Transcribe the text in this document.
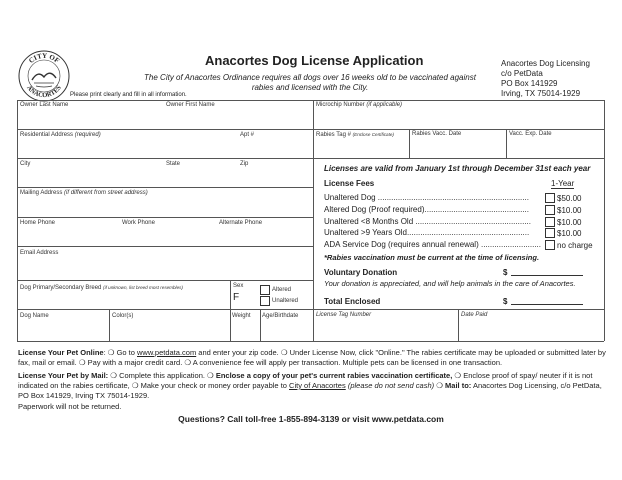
CITY OF
ANACORTES
Anacortes Dog License Application
The City of Anacortes Ordinance requires all dogs over 16 weeks old to be vaccinated against rabies and licensed with the City.
Anacortes Dog Licensing
c/o PetData
PO Box 141929
Irving, TX 75014-1929
Please print clearly and fill in all information.
Owner Last Name	Owner First Name
Residential Address (required)	Apt #
City	State	Zip
Mailing Address (if different from street address)
Home Phone	Work Phone	Alternate Phone
Email Address
Dog Primary/Secondary Breed (if unknown, list breed most resembles)	Sex
F
Altered
Unaltered
Dog Name	Color(s)	Weight Age/Birthdate
Microchip Number (if applicable)
Rabies Tag # (Enclose Certificate)	Rabies Vacc. Date	Vacc. Exp. Date
Licenses are valid from January 1st through December 31st each year
License Fees	1-Year
Unaltered Dog ....................................................................	$50.00
Altered Dog (Proof required)...............................................	$10.00
Unaltered <8 Months Old ....................................................	$10.00
Unaltered >9 Years Old.......................................................	$10.00
ADA Service Dog (requires annual renewal) ........................... no charge
*Rabies vaccination must be current at the time of licensing.
Voluntary Donation	$
Your donation is appreciated, and will help animals in the care of Anacortes.
Total Enclosed	$
License Tag Number	Date Paid
License Your Pet Online: ❍ Go to www.petdata.com and enter your zip code. ❍ Under License Now, click "Online." The rabies certificate may be uploaded or submitted later by fax, mail or email. ❍ Pay with a major credit card. ❍ A convenience fee will apply per transaction. Multiple pets can be licensed in one transaction.
License Your Pet by Mail: ❍ Complete this application. ❍ Enclose a copy of your pet's current rabies vaccination certificate, ❍ Enclose proof of spay/ neuter if it is not indicated on the rabies certificate, ❍ Make your check or money order payable to City of Anacortes (please do not send cash) ❍ Mail to: Anacortes Dog Licensing, c/o PetData, PO Box 141929, Irving TX 75014-1929.
Paperwork will not be returned.
Questions? Call toll-free 1-855-894-3139 or visit www.petdata.com
